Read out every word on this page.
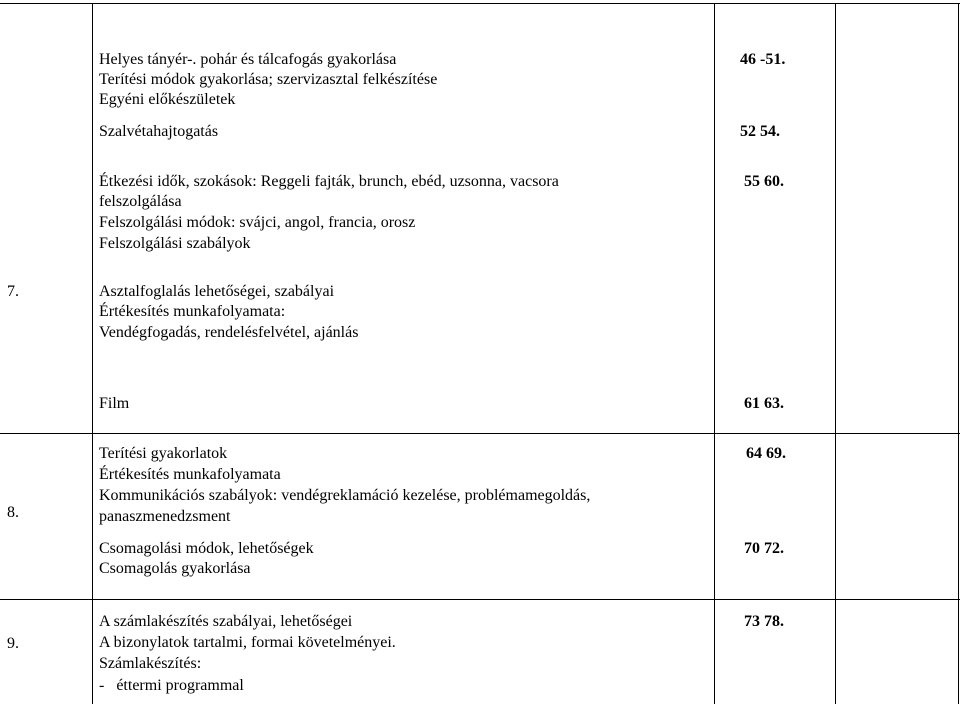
Helyes tányér-. pohár és tálcafogás gyakorlása
Terítési módok gyakorlása; szervizasztal felkészítése
Egyéni előkészületek
46 -51.
Szalvétahajtogatás	52 54.
7.
Étkezési idők, szokások: Reggeli fajták, brunch, ebéd, uzsonna, vacsora
felszolgálása
Felszolgálási módok: svájci, angol, francia, orosz
Felszolgálási szabályok
55 60.
Asztalfoglalás lehetőségei, szabályai
Értékesítés munkafolyamata:
Vendégfogadás, rendelésfelvétel, ajánlás
Film	61 63.
8.
Terítési gyakorlatok
Értékesítés munkafolyamata
Kommunikációs szabályok: vendégreklamáció kezelése, problémamegoldás,
panaszmenedzsment
64 69.
Csomagolási módok, lehetőségek
Csomagolás gyakorlása
70 72.
9.
A számlakészítés szabályai, lehetőségei
A bizonylatok tartalmi, formai követelményei.
Számlakészítés:
-   éttermi programmal
73 78.
